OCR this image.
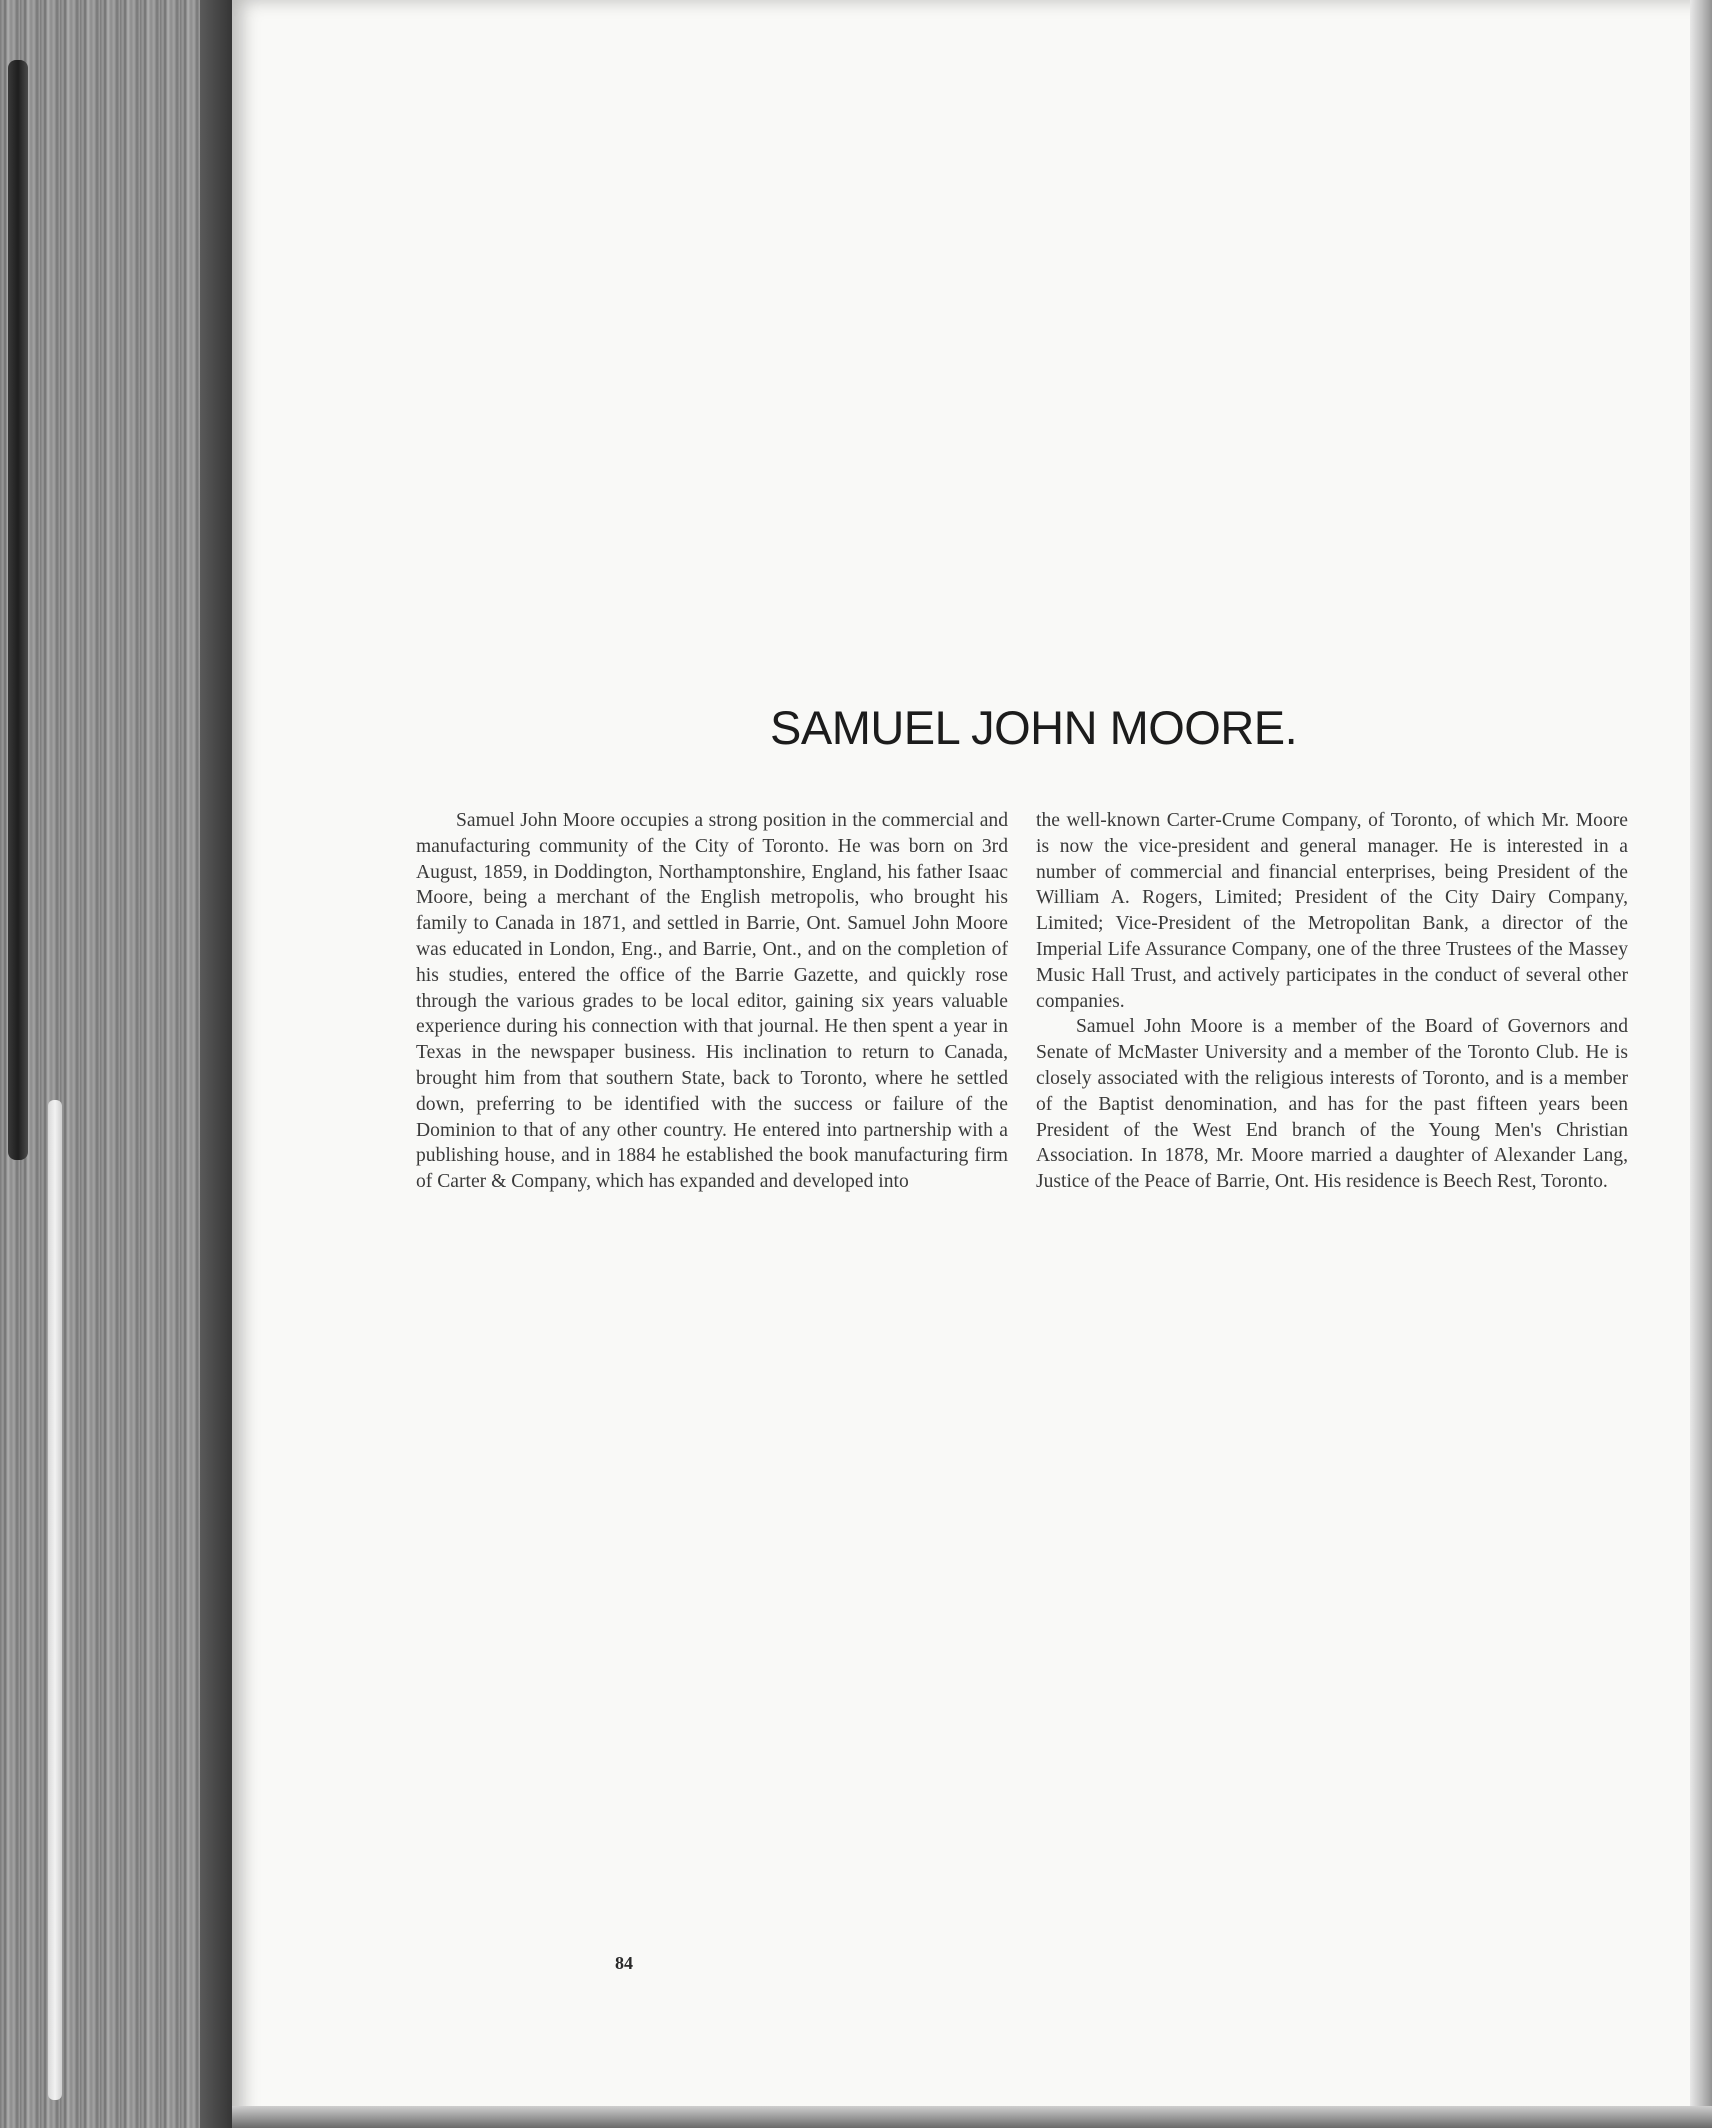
SAMUEL JOHN MOORE.

Samuel John Moore occupies a strong position in the commercial and manufacturing community of the City of Toronto. He was born on 3rd August, 1859, in Doddington, Northamptonshire, England, his father Isaac Moore, being a merchant of the English metropolis, who brought his family to Canada in 1871, and settled in Barrie, Ont. Samuel John Moore was educated in London, Eng., and Barrie, Ont., and on the completion of his studies, entered the office of the Barrie Gazette, and quickly rose through the various grades to be local editor, gaining six years valuable experience during his connection with that journal. He then spent a year in Texas in the newspaper business. His inclination to return to Canada, brought him from that southern State, back to Toronto, where he settled down, preferring to be identified with the success or failure of the Dominion to that of any other country. He entered into partnership with a publishing house, and in 1884 he established the book manufacturing firm of Carter & Company, which has expanded and developed into

the well-known Carter-Crume Company, of Toronto, of which Mr. Moore is now the vice-president and general manager. He is interested in a number of commercial and financial enterprises, being President of the William A. Rogers, Limited; President of the City Dairy Company, Limited; Vice-President of the Metropolitan Bank, a director of the Imperial Life Assurance Company, one of the three Trustees of the Massey Music Hall Trust, and actively participates in the conduct of several other companies.

Samuel John Moore is a member of the Board of Governors and Senate of McMaster University and a member of the Toronto Club. He is closely associated with the religious interests of Toronto, and is a member of the Baptist denomination, and has for the past fifteen years been President of the West End branch of the Young Men's Christian Association. In 1878, Mr. Moore married a daughter of Alexander Lang, Justice of the Peace of Barrie, Ont. His residence is Beech Rest, Toronto.

84
